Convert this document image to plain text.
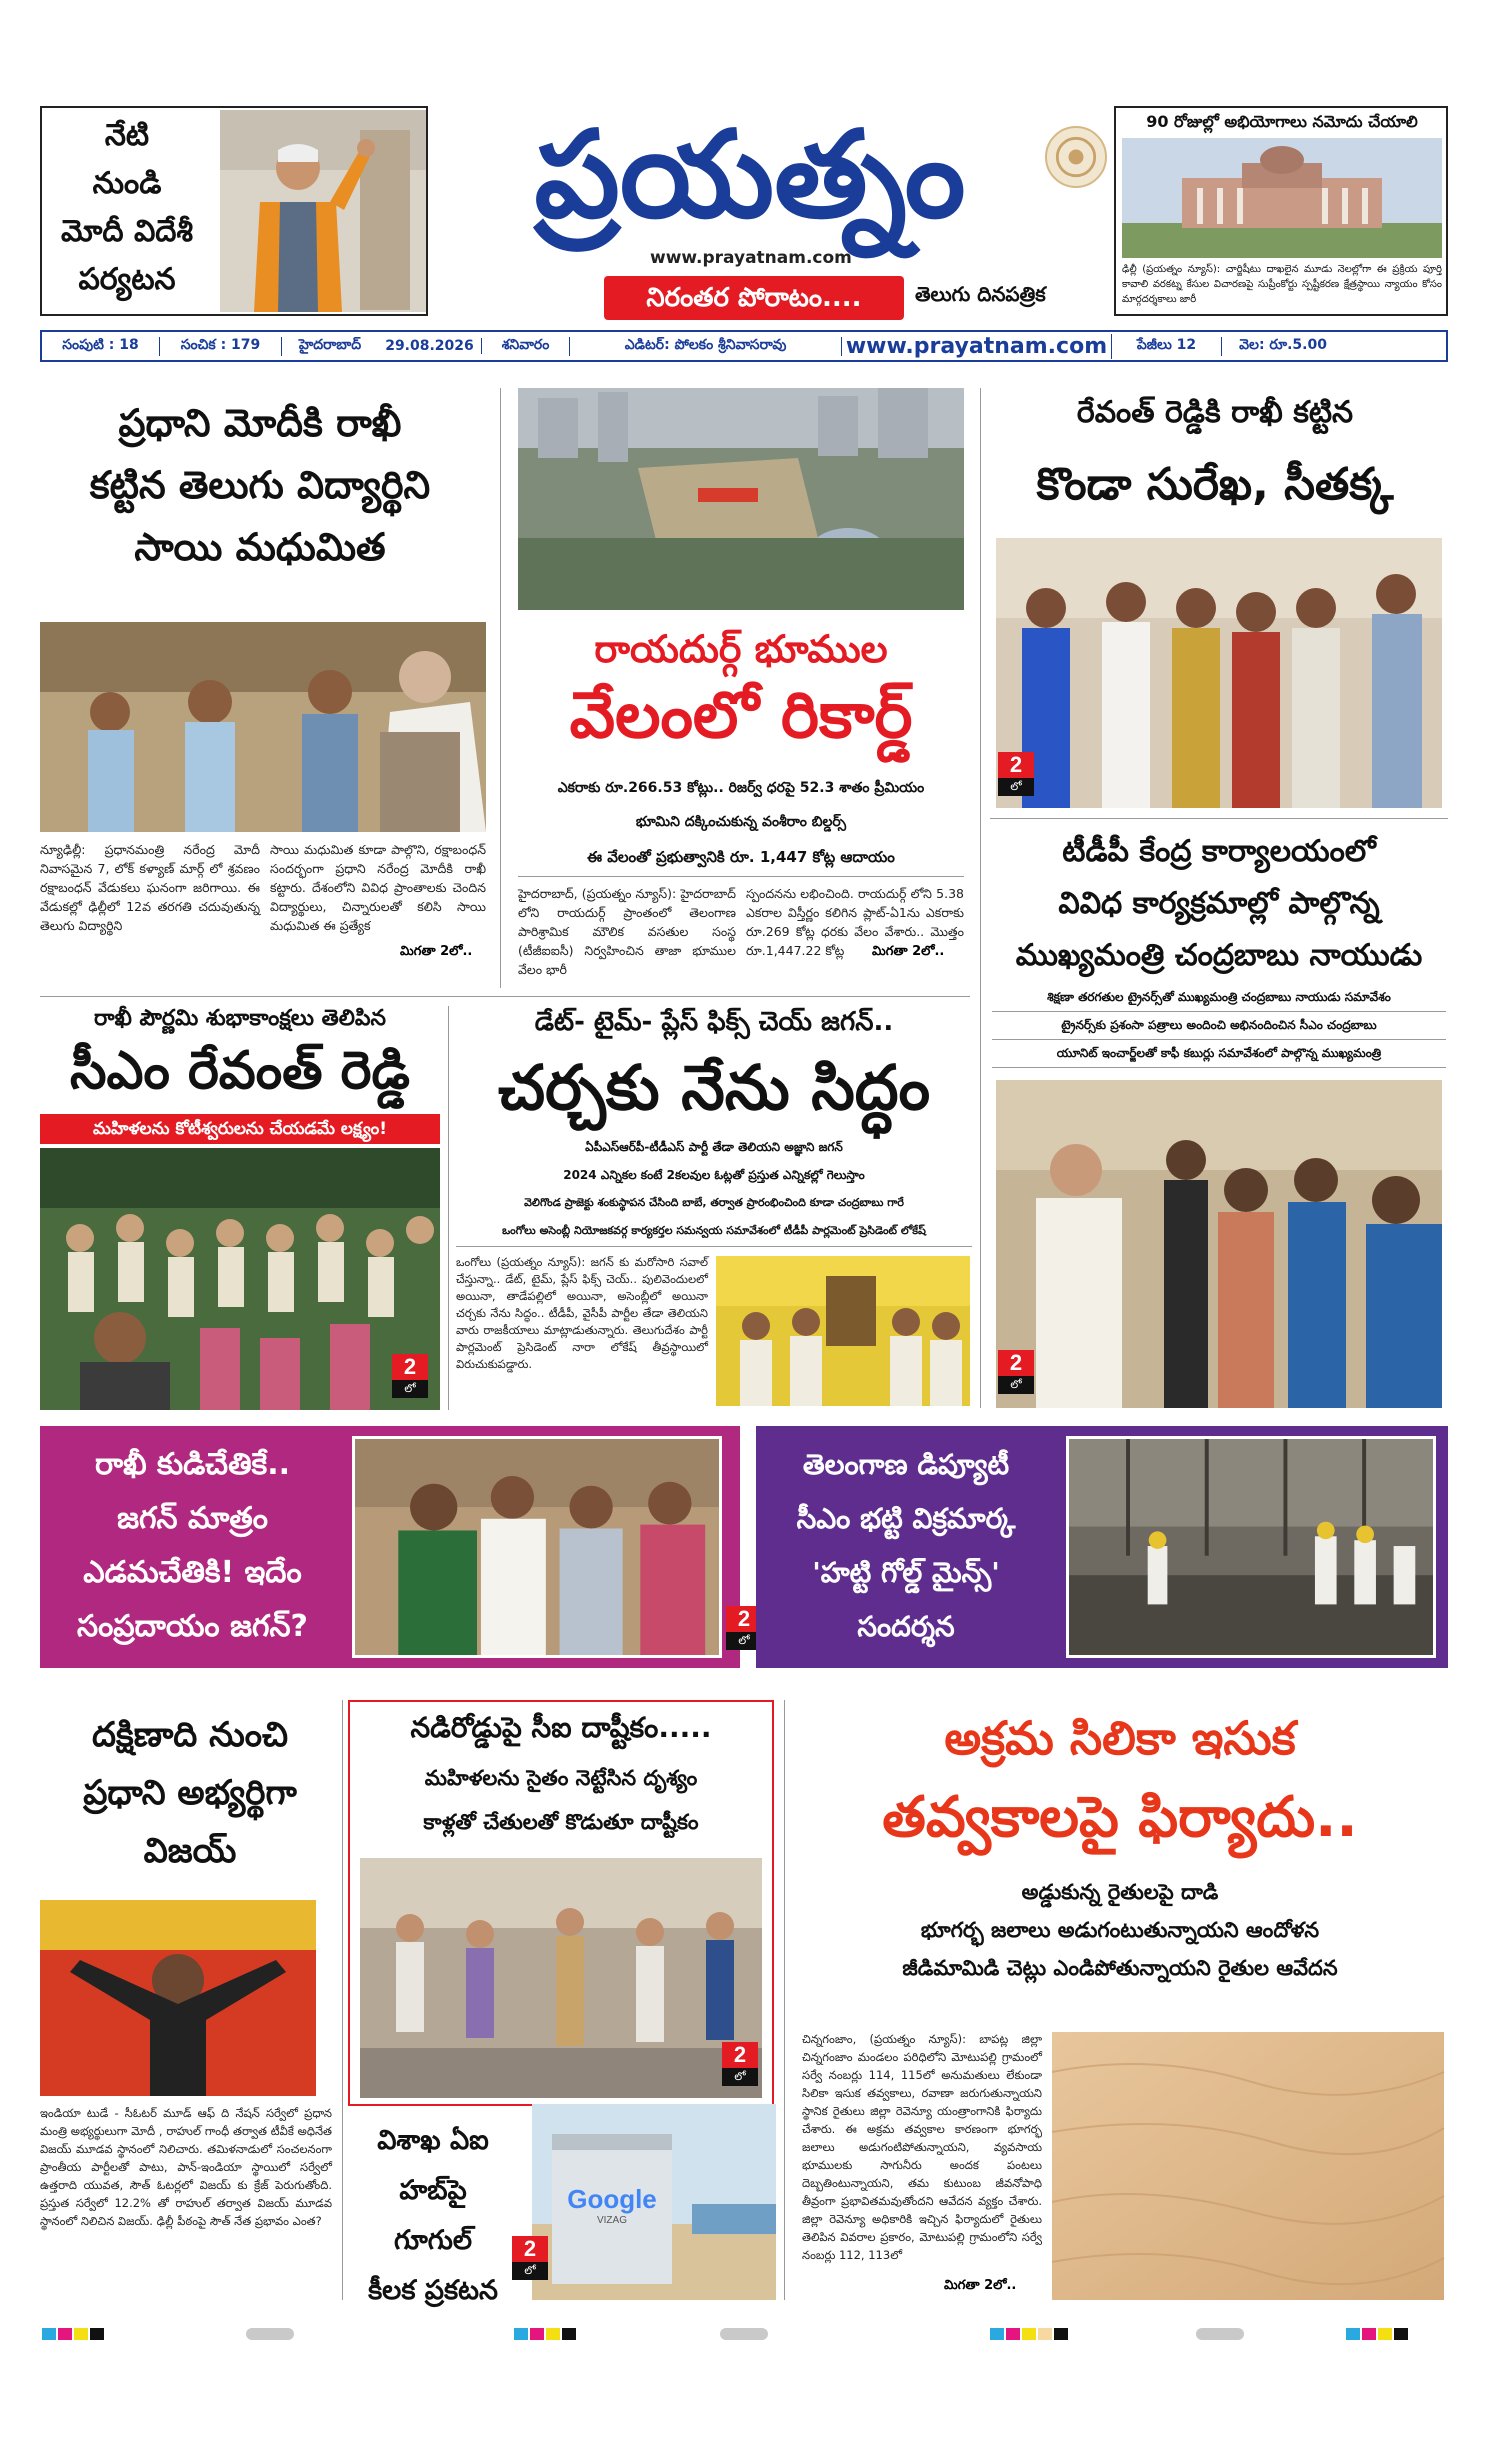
నేటి
నుండి
మోదీ విదేశీ
పర్యటన
ప్రయత్నం
www.prayatnam.com
నిరంతర పోరాటం....	తెలుగు దినపత్రిక
90 రోజుల్లో అభియోగాలు నమోదు చేయాలి
ఢిల్లీ (ప్రయత్నం న్యూస్): చార్జిషీటు దాఖలైన మూడు నెలల్లోగా ఈ ప్రక్రియ పూర్తి కావాలి వరకట్న కేసుల విచారణపై సుప్రీంకోర్టు స్పష్టీకరణ క్షేత్రస్థాయి న్యాయం కోసం మార్గదర్శకాలు జారీ
సంపుటి : 18	సంచిక : 179	హైదరాబాద్	29.08.2026	శనివారం	ఎడిటర్: పోలకం శ్రీనివాసరావు	www.prayatnam.com	పేజీలు 12	వెల: రూ.5.00
ప్రధాని మోదీకి రాఖీ
కట్టిన తెలుగు విద్యార్థిని
సాయి మధుమిత
న్యూఢిల్లీ: ప్రధానమంత్రి నరేంద్ర మోదీ నివాసమైన 7, లోక్ కళ్యాణ్ మార్గ్ లో శ్రవణం రక్షాబంధన్ వేడుకలు ఘనంగా జరిగాయి. ఈ వేడుకల్లో ఢిల్లీలో 12వ తరగతి చదువుతున్న తెలుగు విద్యార్థిని
సాయి మధుమిత కూడా పాల్గొని, రక్షాబంధన్ సందర్భంగా ప్రధాని నరేంద్ర మోదీకి రాఖీ కట్టారు. దేశంలోని వివిధ ప్రాంతాలకు చెందిన విద్యార్థులు, చిన్నారులతో కలిసి సాయి మధుమిత ఈ ప్రత్యేక
మిగతా 2లో..
రాయదుర్గ్ భూముల
వేలంలో రికార్డ్
ఎకరాకు రూ.266.53 కోట్లు.. రిజర్వ్ ధరపై 52.3 శాతం ప్రీమియం
భూమిని దక్కించుకున్న వంశీరాం బిల్డర్స్
ఈ వేలంతో ప్రభుత్వానికి రూ. 1,447 కోట్ల ఆదాయం
హైదరాబాద్, (ప్రయత్నం న్యూస్): హైదరాబాద్ లోని రాయదుర్గ్ ప్రాంతంలో తెలంగాణ పారిశ్రామిక మౌలిక వసతుల సంస్థ (టీజీఐఐసీ) నిర్వహించిన తాజా భూముల వేలం భారీ
స్పందనను లభించింది. రాయదుర్గ్ లోని 5.38 ఎకరాల విస్తీర్ణం కలిగిన ప్లాట్-ఏ1ను ఎకరాకు రూ.269 కోట్ల ధరకు వేలం వేశారు.. మొత్తం రూ.1,447.22 కోట్ల	మిగతా 2లో..
రేవంత్ రెడ్డికి రాఖీ కట్టిన
కొండా సురేఖ, సీతక్క
2
లో
టీడీపీ కేంద్ర కార్యాలయంలో
వివిధ కార్యక్రమాల్లో పాల్గొన్న
ముఖ్యమంత్రి చంద్రబాబు నాయుడు
శిక్షణా తరగతుల ట్రైనర్స్‌తో ముఖ్యమంత్రి చంద్రబాబు నాయుడు సమావేశం
ట్రైనర్స్‌కు ప్రశంసా పత్రాలు అందించి అభినందించిన సీఎం చంద్రబాబు
యూనిట్ ఇంచార్జ్‌లతో కాఫీ కబుర్లు సమావేశంలో పాల్గొన్న ముఖ్యమంత్రి
2
లో
రాఖీ పౌర్ణమి శుభాకాంక్షలు తెలిపిన
సీఎం రేవంత్ రెడ్డి
మహిళలను కోటీశ్వరులను చేయడమే లక్ష్యం!
2
లో
డేట్- టైమ్- ప్లేస్ ఫిక్స్ చెయ్ జగన్..
చర్చకు నేను సిద్ధం
ఏపీఎస్ఆర్‌పీ-టీడీఎస్ పార్టీ తేడా తెలియని అజ్ఞాని జగన్
2024 ఎన్నికల కంటే 2కలవుల ఓట్లతో ప్రస్తుత ఎన్నికల్లో గెలుస్తాం
వెలిగొండ ప్రాజెక్టు శంకుస్థాపన చేసింది బాబే, తర్వాత ప్రారంభించింది కూడా చంద్రబాబు గారే
ఒంగోలు అసెంబ్లీ నియోజకవర్గ కార్యకర్తల సమన్వయ సమావేశంలో టీడీపీ పార్లమెంట్ ప్రెసిడెంట్ లోకేష్
ఒంగోలు (ప్రయత్నం న్యూస్): జగన్ కు మరోసారి సవాల్ చేస్తున్నా.. డేట్, టైమ్, ప్లేస్ ఫిక్స్ చెయ్.. పులివెందులలో అయినా, తాడేపల్లిలో అయినా, అసెంబ్లీలో అయినా చర్చకు నేను సిద్ధం.. టీడీపీ, వైసీపీ పార్టీల తేడా తెలియని వారు రాజకీయాలు మాట్లాడుతున్నారు. తెలుగుదేశం పార్టీ పార్లమెంట్ ప్రెసిడెంట్ నారా లోకేష్ తీవ్రస్థాయిలో విరుచుకుపడ్డారు.
రాఖీ కుడిచేతికే..
జగన్ మాత్రం
ఎడమచేతికి! ఇదేం
సంప్రదాయం జగన్?	2
లో
తెలంగాణ డిప్యూటీ
సీఎం భట్టి విక్రమార్క
'హట్టి గోల్డ్ మైన్స్'
సందర్శన
దక్షిణాది నుంచి
ప్రధాని అభ్యర్థిగా
విజయ్
ఇండియా టుడే - సీఓటర్ మూడ్ ఆఫ్ ది నేషన్ సర్వేలో ప్రధాన మంత్రి అభ్యర్థులుగా మోదీ , రాహుల్ గాంధీ తర్వాత టీవీకే అధినేత విజయ్ మూడవ స్థానంలో నిలిచారు. తమిళనాడులో సంచలనంగా ప్రాంతీయ పార్టీలతో పాటు, పాన్-ఇండియా స్థాయిలో సర్వేలో ఉత్తరాది యువత, సౌత్ ఓటర్లలో విజయ్ కు క్రేజ్ పెరుగుతోంది. ప్రస్తుత సర్వేలో 12.2% తో రాహుల్ తర్వాత విజయ్ మూడవ స్థానంలో నిలిచిన విజయ్. ఢిల్లీ పీఠంపై సౌత్ నేత ప్రభావం ఎంత?
నడిరోడ్డుపై సీఐ దాష్టీకం.....
మహిళలను సైతం నెట్టేసిన దృశ్యం
కాళ్లతో చేతులతో కొడుతూ దాష్టీకం
2
లో
విశాఖ ఏఐ
హబ్‌పై
గూగుల్
కీలక ప్రకటన
Google
VIZAG
2
లో
అక్రమ సిలికా ఇసుక
తవ్వకాలపై ఫిర్యాదు..
అడ్డుకున్న రైతులపై దాడి
భూగర్భ జలాలు అడుగంటుతున్నాయని ఆందోళన
జీడిమామిడి చెట్లు ఎండిపోతున్నాయని రైతుల ఆవేదన
చిన్నగంజాం, (ప్రయత్నం న్యూస్): బాపట్ల జిల్లా చిన్నగంజాం మండలం పరిధిలోని మోటుపల్లి గ్రామంలో సర్వే నంబర్లు 114, 115లో అనుమతులు లేకుండా సిలికా ఇసుక తవ్వకాలు, రవాణా జరుగుతున్నాయని స్థానిక రైతులు జిల్లా రెవెన్యూ యంత్రాంగానికి ఫిర్యాదు చేశారు. ఈ అక్రమ తవ్వకాల కారణంగా భూగర్భ జలాలు అడుగంటిపోతున్నాయని, వ్యవసాయ భూములకు సాగునీరు అందక పంటలు దెబ్బతింటున్నాయని, తమ కుటుంబ జీవనోపాధి తీవ్రంగా ప్రభావితమవుతోందని ఆవేదన వ్యక్తం చేశారు. జిల్లా రెవెన్యూ అధికారికి ఇచ్చిన ఫిర్యాదులో రైతులు తెలిపిన వివరాల ప్రకారం, మోటుపల్లి గ్రామంలోని సర్వే నంబర్లు 112, 113లో
మిగతా 2లో..
